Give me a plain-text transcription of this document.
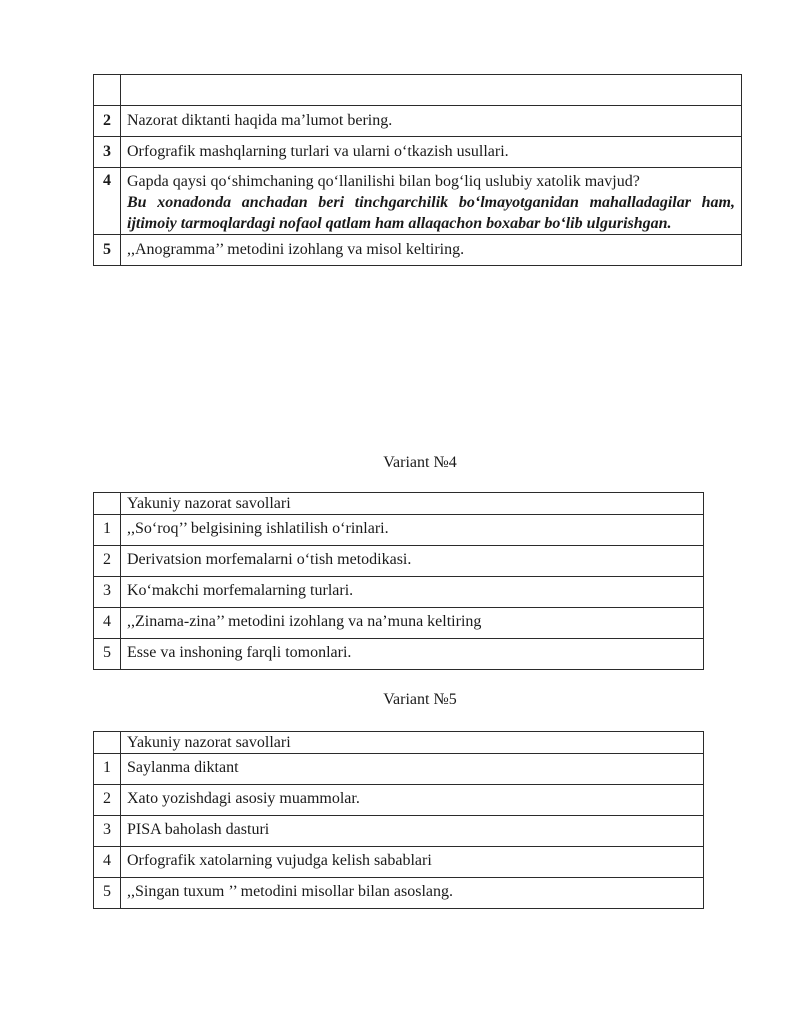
2	Nazorat diktanti haqida ma’lumot bering.
3	Orfografik mashqlarning turlari va ularni o‘tkazish usullari.
4	Gapda qaysi qo‘shimchaning qo‘llanilishi bilan bog‘liq uslubiy xatolik mavjud?
Bu xonadonda anchadan beri tinchgarchilik bo‘lmayotganidan mahalladagilar ham, ijtimoiy tarmoqlardagi nofaol qatlam ham allaqachon boxabar bo‘lib ulgurishgan.

5	,,Anogramma’’ metodini izohlang va misol keltiring.
Variant №4
	Yakuniy nazorat savollari
1	,,So‘roq’’ belgisining ishlatilish o‘rinlari.
2	Derivatsion morfemalarni o‘tish metodikasi.
3	Ko‘makchi morfemalarning turlari.
4	,,Zinama-zina’’ metodini izohlang va na’muna keltiring
5	Esse va inshoning farqli tomonlari.
Variant №5
	Yakuniy nazorat savollari
1	Saylanma diktant
2	Xato yozishdagi asosiy muammolar.
3	PISA baholash dasturi
4	Orfografik xatolarning vujudga kelish sabablari
5	,,Singan tuxum ’’ metodini misollar bilan asoslang.
